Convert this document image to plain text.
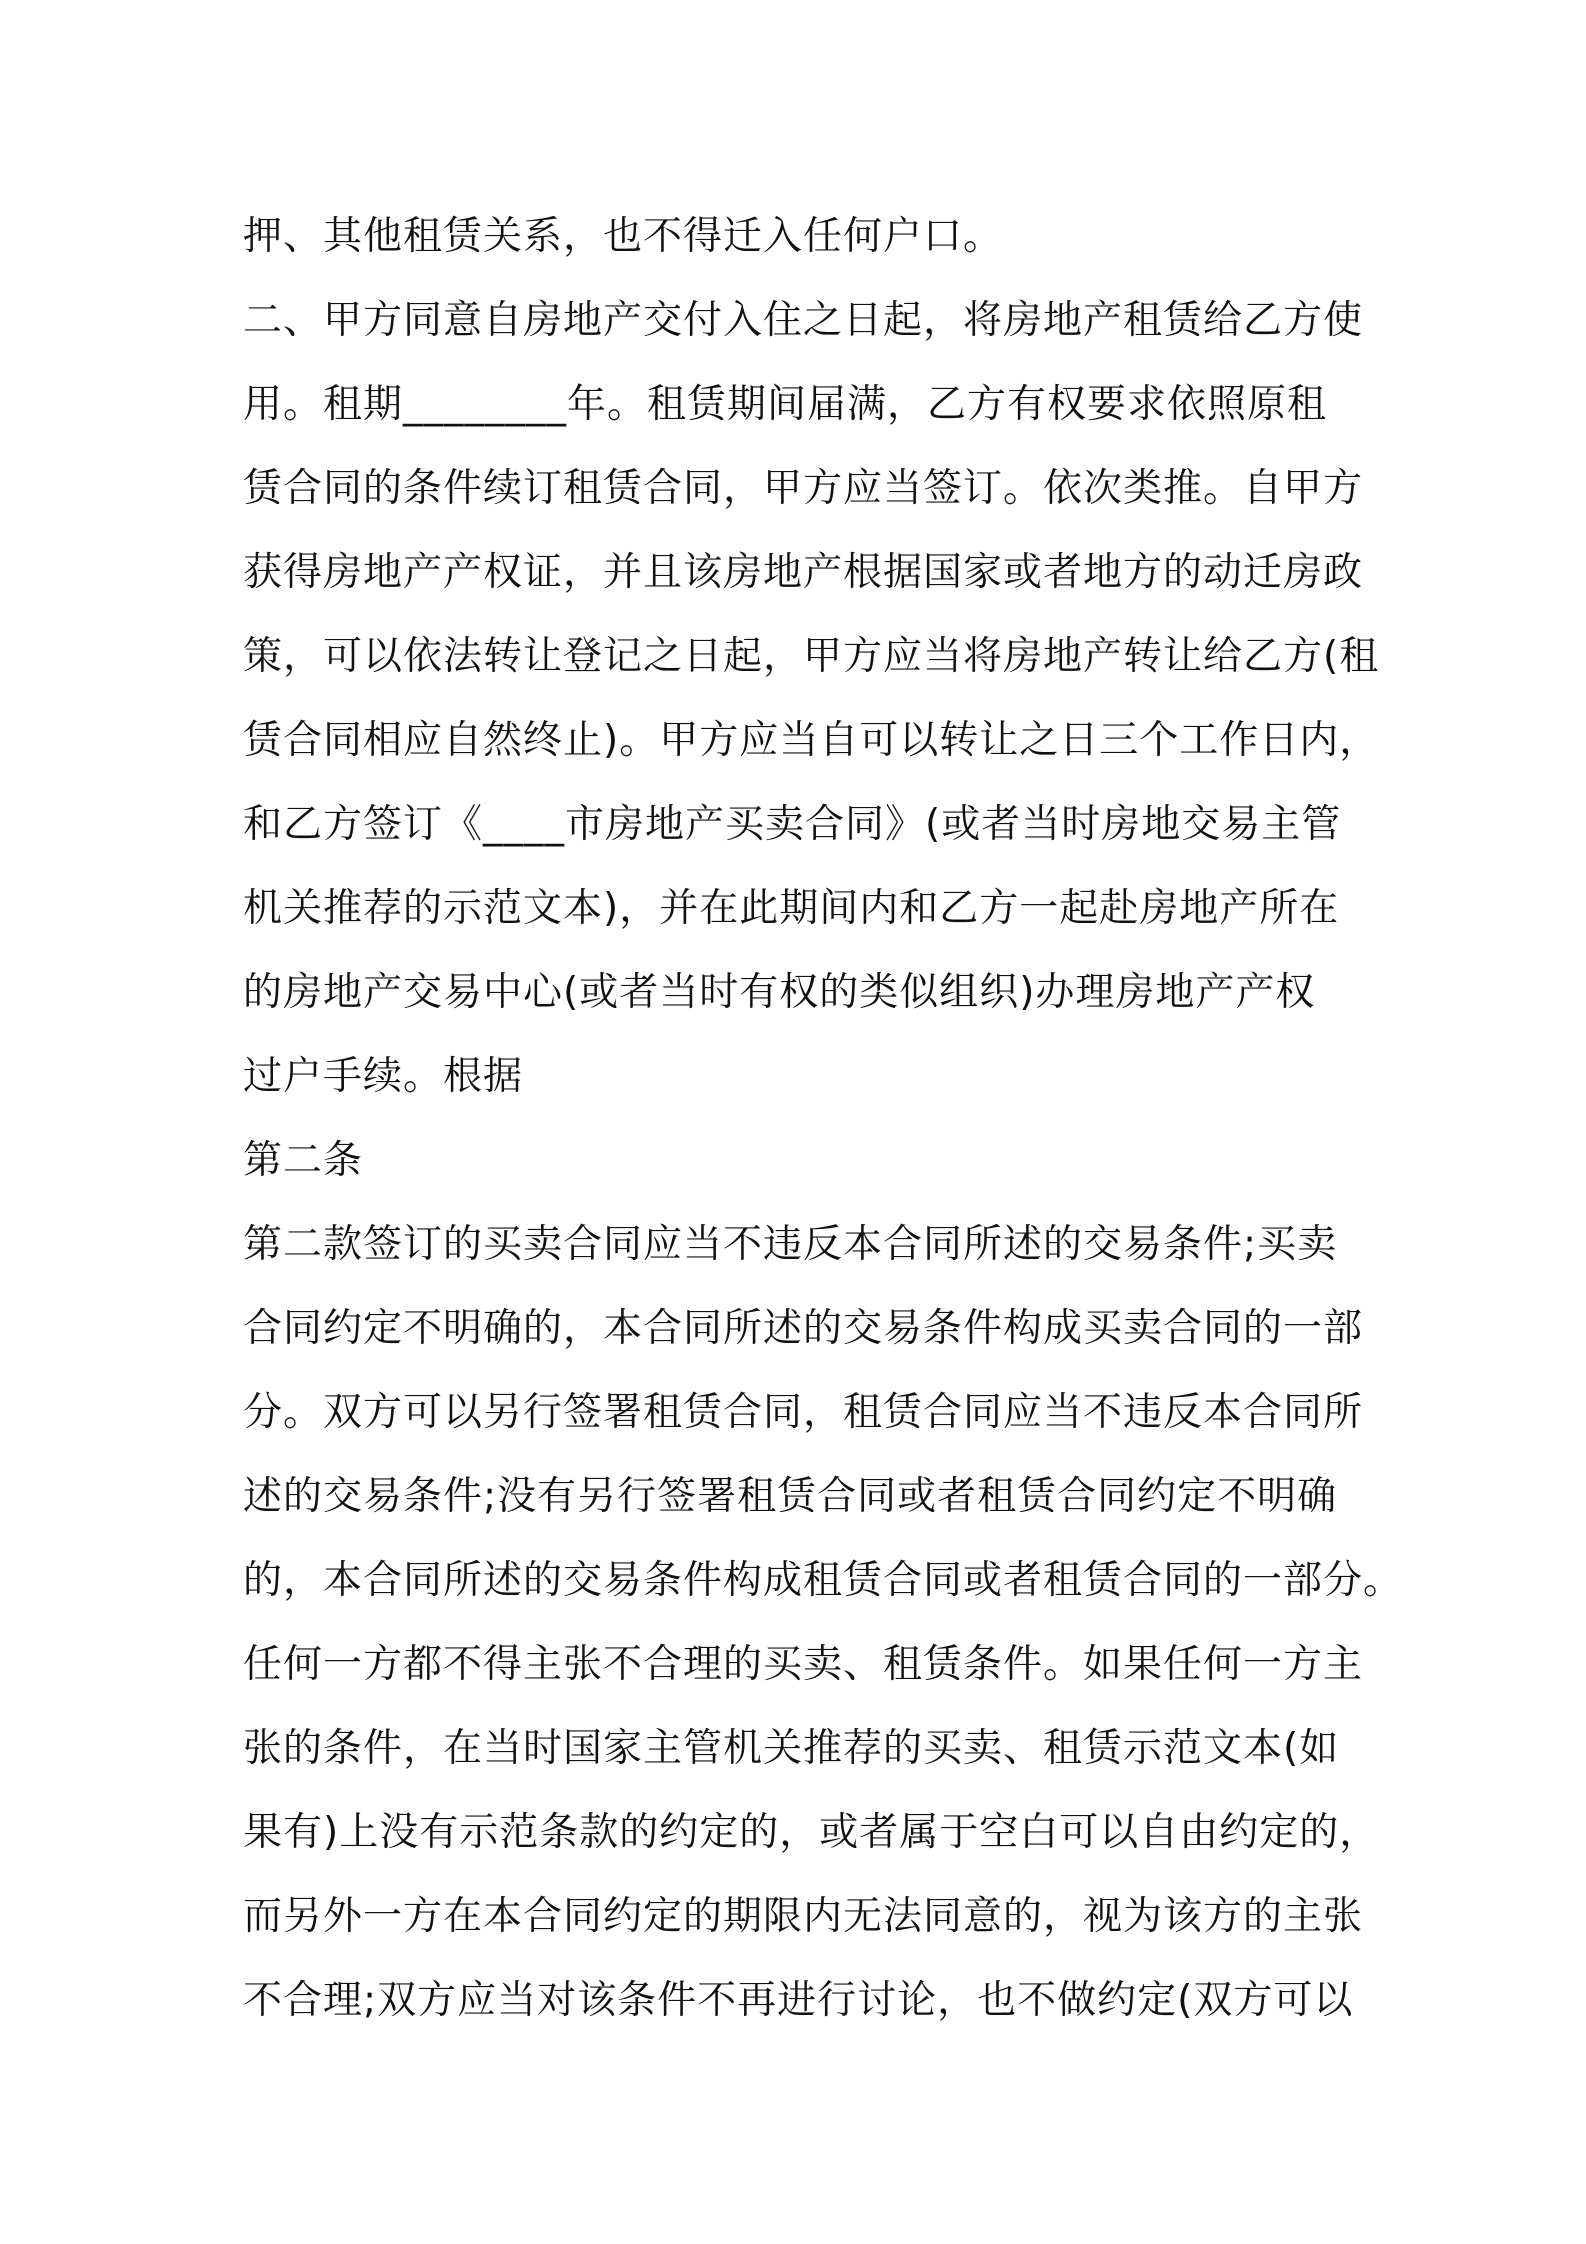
押、其他租赁关系，也不得迁入任何户口。
二、甲方同意自房地产交付入住之日起，将房地产租赁给乙方使
用。租期________年。租赁期间届满，乙方有权要求依照原租
赁合同的条件续订租赁合同，甲方应当签订。依次类推。自甲方
获得房地产产权证，并且该房地产根据国家或者地方的动迁房政
策，可以依法转让登记之日起，甲方应当将房地产转让给乙方(租
赁合同相应自然终止)。甲方应当自可以转让之日三个工作日内，
和乙方签订《____市房地产买卖合同》(或者当时房地交易主管
机关推荐的示范文本)，并在此期间内和乙方一起赴房地产所在
的房地产交易中心(或者当时有权的类似组织)办理房地产产权
过户手续。根据
第二条
第二款签订的买卖合同应当不违反本合同所述的交易条件;买卖
合同约定不明确的，本合同所述的交易条件构成买卖合同的一部
分。双方可以另行签署租赁合同，租赁合同应当不违反本合同所
述的交易条件;没有另行签署租赁合同或者租赁合同约定不明确
的，本合同所述的交易条件构成租赁合同或者租赁合同的一部分。
任何一方都不得主张不合理的买卖、租赁条件。如果任何一方主
张的条件，在当时国家主管机关推荐的买卖、租赁示范文本(如
果有)上没有示范条款的约定的，或者属于空白可以自由约定的，
而另外一方在本合同约定的期限内无法同意的，视为该方的主张
不合理;双方应当对该条件不再进行讨论，也不做约定(双方可以
